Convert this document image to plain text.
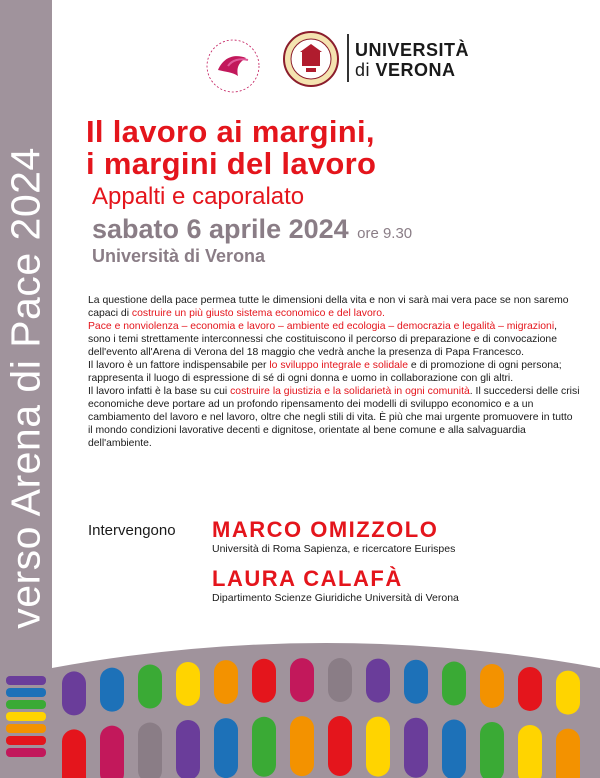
verso Arena di Pace 2024
UNIVERSITÀ
di VERONA
Il lavoro ai margini,
i margini del lavoro
Appalti e caporalato
sabato 6 aprile 2024 ore 9.30
Università di Verona

La questione della pace permea tutte le dimensioni della vita e non vi sarà mai vera pace se non saremo capaci di costruire un più giusto sistema economico e del lavoro.

Pace e nonviolenza – economia e lavoro – ambiente ed ecologia – democrazia e legalità – migrazioni, sono i temi strettamente interconnessi che costituiscono il percorso di preparazione e di convocazione dell'evento all'Arena di Verona del 18 maggio che vedrà anche la presenza di Papa Francesco.

Il lavoro è un fattore indispensabile per lo sviluppo integrale e solidale e di promozione di ogni persona; rappresenta il luogo di espressione di sé di ogni donna e uomo in collaborazione con gli altri.

Il lavoro infatti è la base su cui costruire la giustizia e la solidarietà in ogni comunità. Il succedersi delle crisi economiche deve portare ad un profondo ripensamento dei modelli di sviluppo economico e a un cambiamento del lavoro e nel lavoro, oltre che negli stili di vita. È più che mai urgente promuovere in tutto il mondo condizioni lavorative decenti e dignitose, orientate al bene comune e alla salvaguardia dell'ambiente.

Intervengono MARCO OMIZZOLO
Università di Roma Sapienza, e ricercatore Eurispes
LAURA CALAFÀ
Dipartimento Scienze Giuridiche Università di Verona
